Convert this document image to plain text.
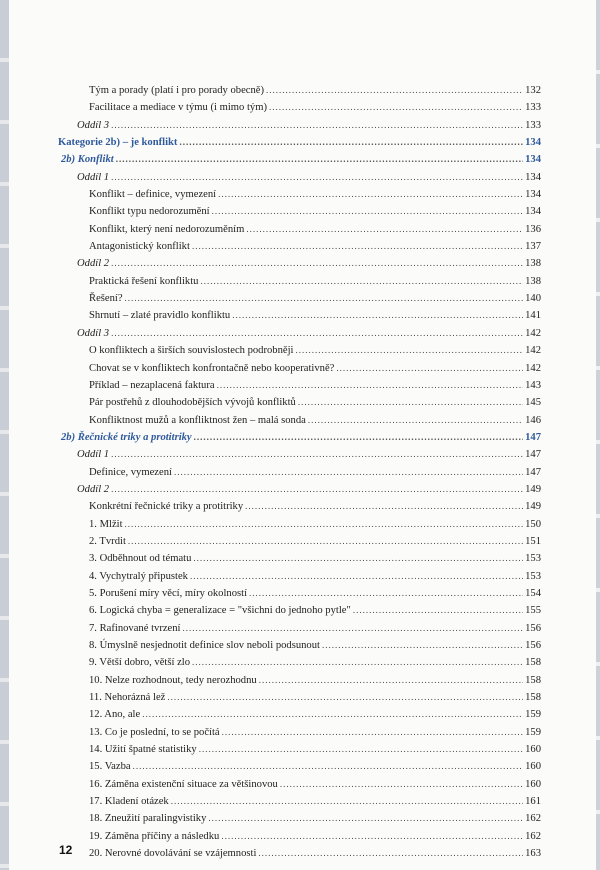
Tým a porady (platí i pro porady obecně) .....	132
Facilitace a mediace v týmu (i mimo tým) .....	133
Oddíl 3 .....	133
Kategorie 2b) – je konflikt .....	134
2b) Konflikt .....	134
Oddíl 1 .....	134
Konflikt – definice, vymezení .....	134
Konflikt typu nedorozumění .....	134
Konflikt, který není nedorozuměním .....	136
Antagonistický konflikt .....	137
Oddíl 2 .....	138
Praktická řešení konfliktu .....	138
Řešení? .....	140
Shrnutí – zlaté pravidlo konfliktu .....	141
Oddíl 3 .....	142
O konfliktech a širších souvislostech podrobněji .....	142
Chovat se v konfliktech konfrontačně nebo kooperativně? .....	142
Příklad – nezaplacená faktura .....	143
Pár postřehů z dlouhodobějších vývojů konfliktů .....	145
Konfliktnost mužů a konfliktnost žen – malá sonda .....	146
2b) Řečnické triky a protitriky .....	147
Oddíl 1 .....	147
Definice, vymezení .....	147
Oddíl 2 .....	149
Konkrétní řečnické triky a protitriky .....	149
1. Mlžit .....	150
2. Tvrdit .....	151
3. Odběhnout od tématu .....	153
4. Vychytralý připustek .....	153
5. Porušení míry věcí, míry okolností .....	154
6. Logická chyba = generalizace = "všichni do jednoho pytle" .....	155
7. Rafinované tvrzení .....	156
8. Úmyslně nesjednotit definice slov neboli podsunout .....	156
9. Větší dobro, větší zlo .....	158
10. Nelze rozhodnout, tedy nerozhodnu .....	158
11. Nehorázná lež .....	158
12. Ano, ale .....	159
13. Co je poslední, to se počítá .....	159
14. Užití špatné statistiky .....	160
15. Vazba .....	160
16. Záměna existenční situace za většinovou .....	160
17. Kladení otázek .....	161
18. Zneužití paralingvistiky .....	162
19. Záměna příčiny a následku .....	162
20. Nerovné dovolávání se vzájemnosti .....	163
12
